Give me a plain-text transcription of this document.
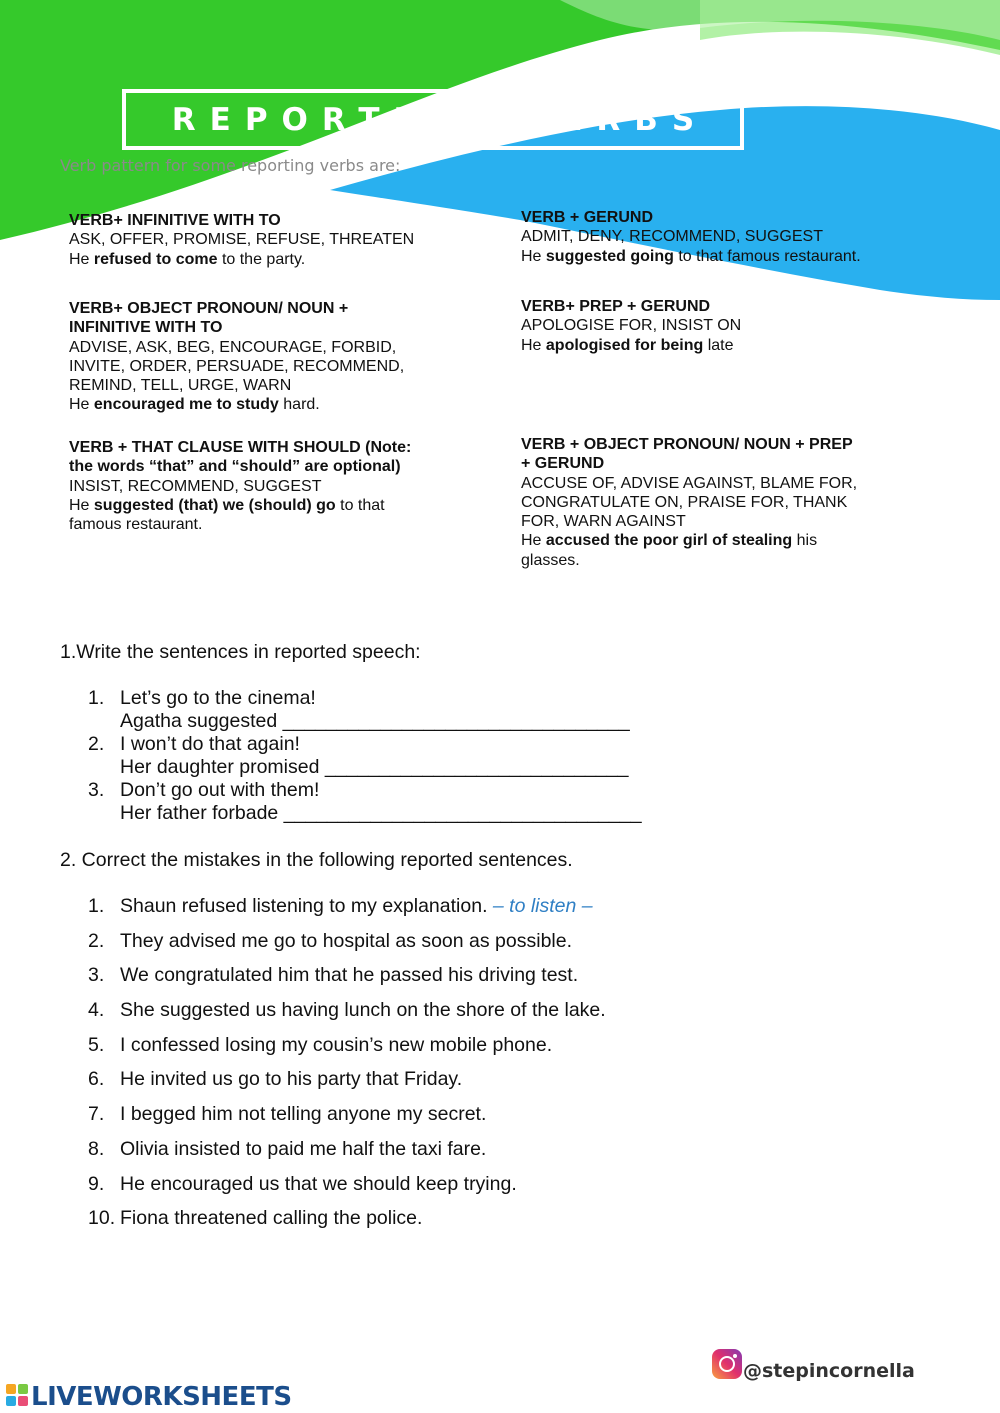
REPORTING VERBS
Verb pattern for some reporting verbs are:
VERB+ INFINITIVE WITH TO
ASK, OFFER, PROMISE, REFUSE, THREATEN
He refused to come to the party.
VERB+ OBJECT PRONOUN/ NOUN +
INFINITIVE WITH TO
ADVISE, ASK, BEG, ENCOURAGE, FORBID,
INVITE, ORDER, PERSUADE, RECOMMEND,
REMIND, TELL, URGE, WARN
He encouraged me to study hard.
VERB + THAT CLAUSE WITH SHOULD (Note:
the words “that” and “should” are optional)
INSIST, RECOMMEND, SUGGEST
He suggested (that) we (should) go to that
famous restaurant.
VERB + GERUND
ADMIT, DENY, RECOMMEND, SUGGEST
He suggested going to that famous restaurant.
VERB+ PREP + GERUND
APOLOGISE FOR, INSIST ON
He apologised for being late
VERB + OBJECT PRONOUN/ NOUN + PREP
+ GERUND
ACCUSE OF, ADVISE AGAINST, BLAME FOR,
CONGRATULATE ON, PRAISE FOR, THANK
FOR, WARN AGAINST
He accused the poor girl of stealing his
glasses.
1.Write the sentences in reported speech:
1. Let’s go to the cinema!
Agatha suggested ________________________________
2. I won’t do that again!
Her daughter promised ____________________________
3. Don’t go out with them!
Her father forbade _________________________________
2. Correct the mistakes in the following reported sentences.
1. Shaun refused listening to my explanation. – to listen –
2. They advised me go to hospital as soon as possible.
3. We congratulated him that he passed his driving test.
4. She suggested us having lunch on the shore of the lake.
5. I confessed losing my cousin’s new mobile phone.
6. He invited us go to his party that Friday.
7. I begged him not telling anyone my secret.
8. Olivia insisted to paid me half the taxi fare.
9. He encouraged us that we should keep trying.
10. Fiona threatened calling the police.
@stepincornella
LIVEWORKSHEETS
